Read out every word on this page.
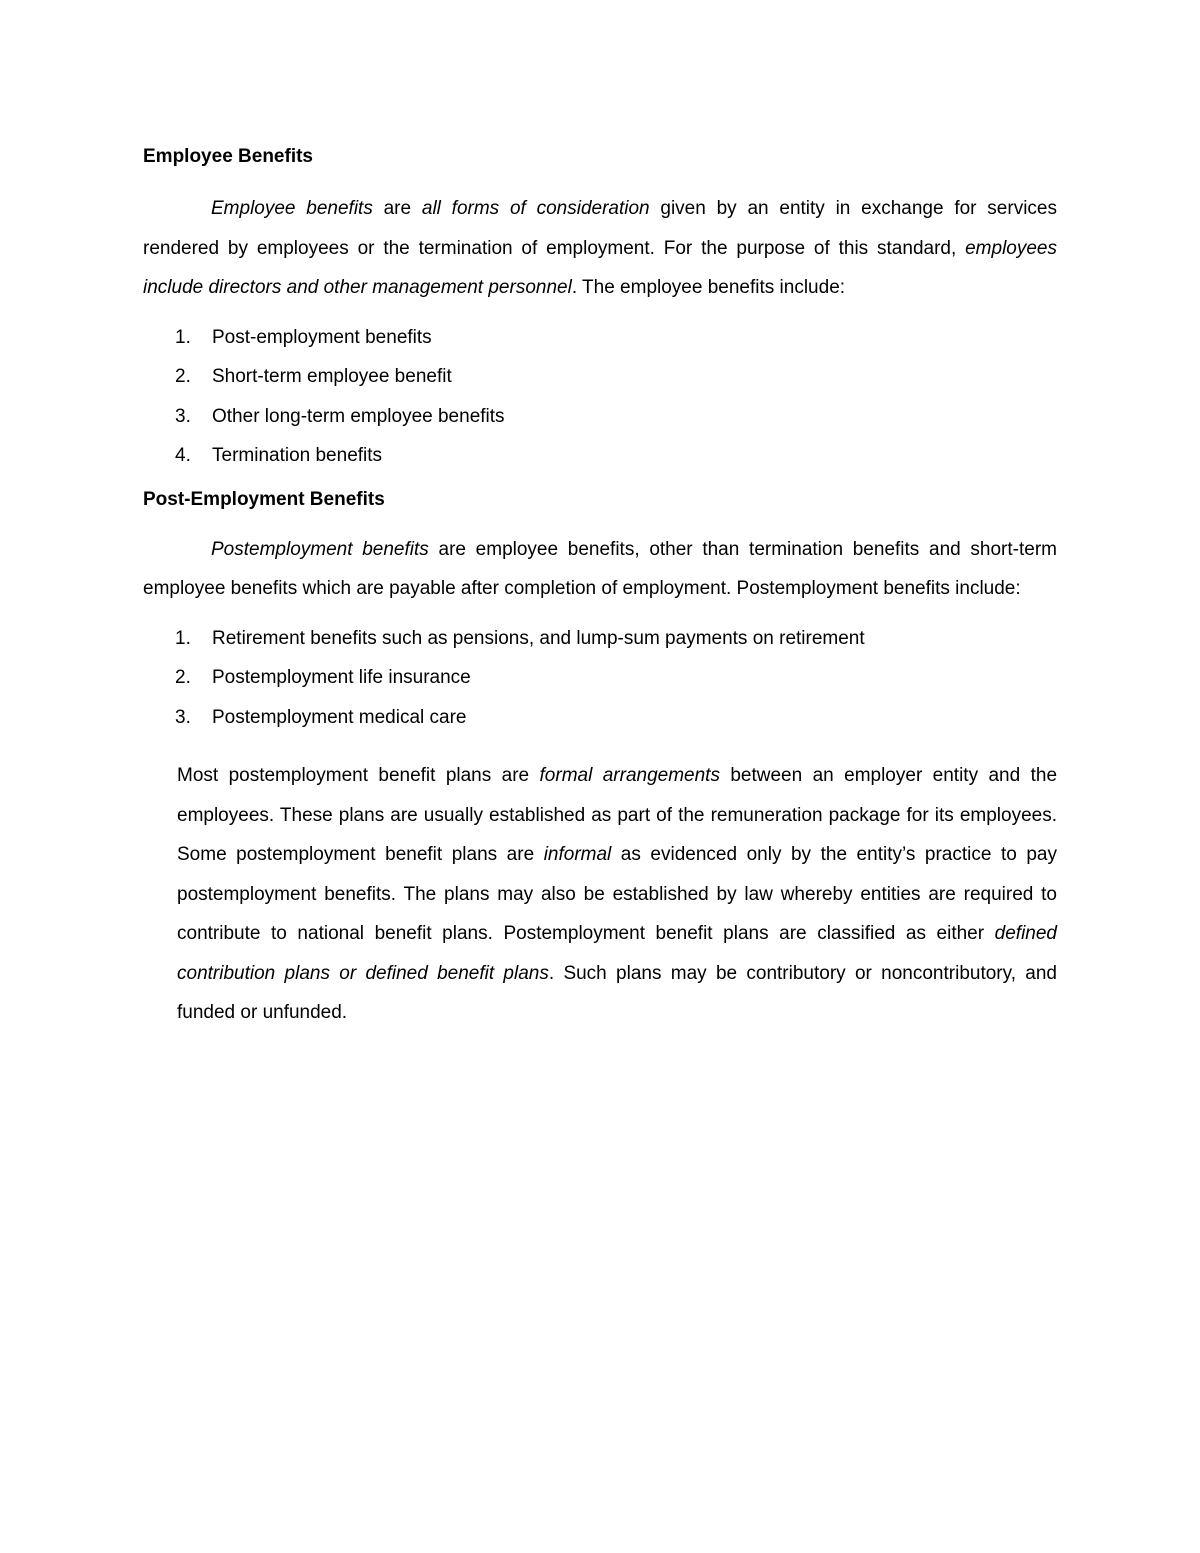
Employee Benefits

Employee benefits are all forms of consideration given by an entity in exchange for services rendered by employees or the termination of employment. For the purpose of this standard, employees include directors and other management personnel. The employee benefits include:

1. Post-employment benefits
2. Short-term employee benefit
3. Other long-term employee benefits
4. Termination benefits
Post-Employment Benefits

Postemployment benefits are employee benefits, other than termination benefits and short-term employee benefits which are payable after completion of employment. Postemployment benefits include:

1. Retirement benefits such as pensions, and lump-sum payments on retirement
2. Postemployment life insurance
3. Postemployment medical care

Most postemployment benefit plans are formal arrangements between an employer entity and the employees. These plans are usually established as part of the remuneration package for its employees. Some postemployment benefit plans are informal as evidenced only by the entity’s practice to pay postemployment benefits. The plans may also be established by law whereby entities are required to contribute to national benefit plans. Postemployment benefit plans are classified as either defined contribution plans or defined benefit plans. Such plans may be contributory or noncontributory, and funded or unfunded.
